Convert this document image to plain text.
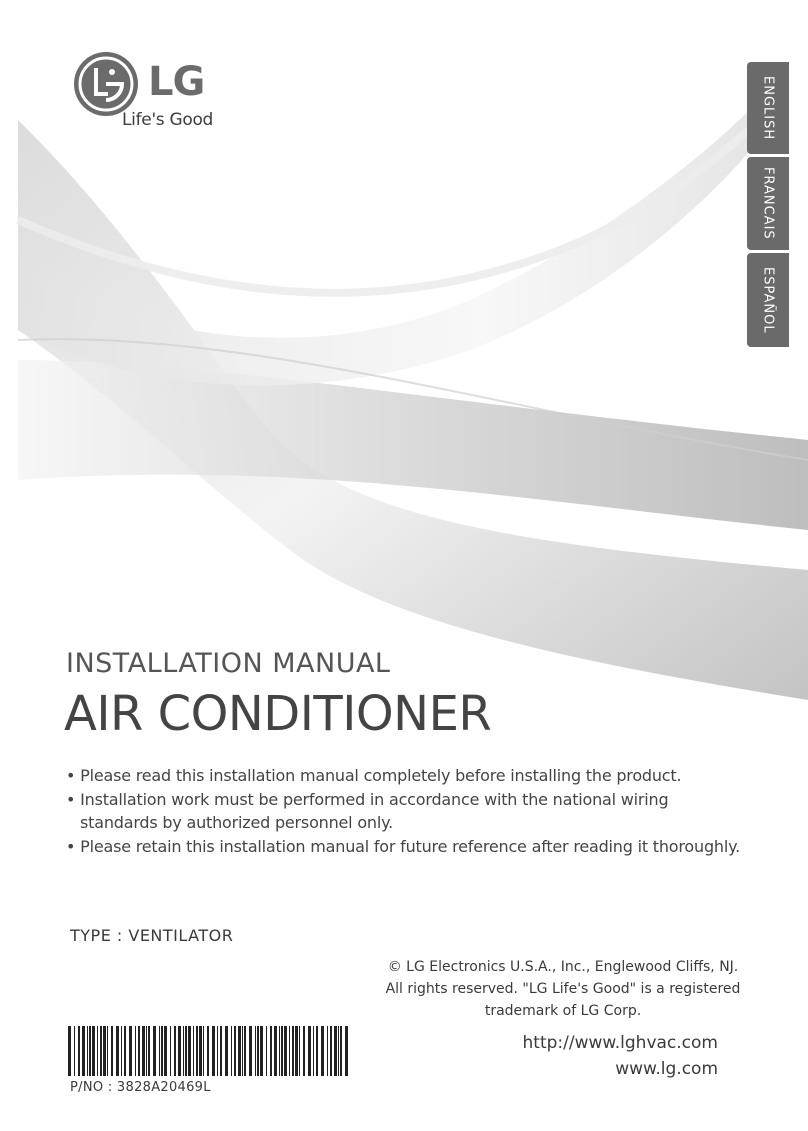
LG
Life's Good	ENGLISH
FRANCAIS
ESPAÑOL
INSTALLATION MANUAL
AIR CONDITIONER
• Please read this installation manual completely before installing the product.
• Installation work must be performed in accordance with the national wiring standards by authorized personnel only.
• Please retain this installation manual for future reference after reading it thoroughly.
TYPE : VENTILATOR
© LG Electronics U.S.A., Inc., Englewood Cliffs, NJ. All rights reserved. "LG Life's Good" is a registered trademark of LG Corp.
P/NO : 3828A20469L
http://www.lghvac.com
www.lg.com
